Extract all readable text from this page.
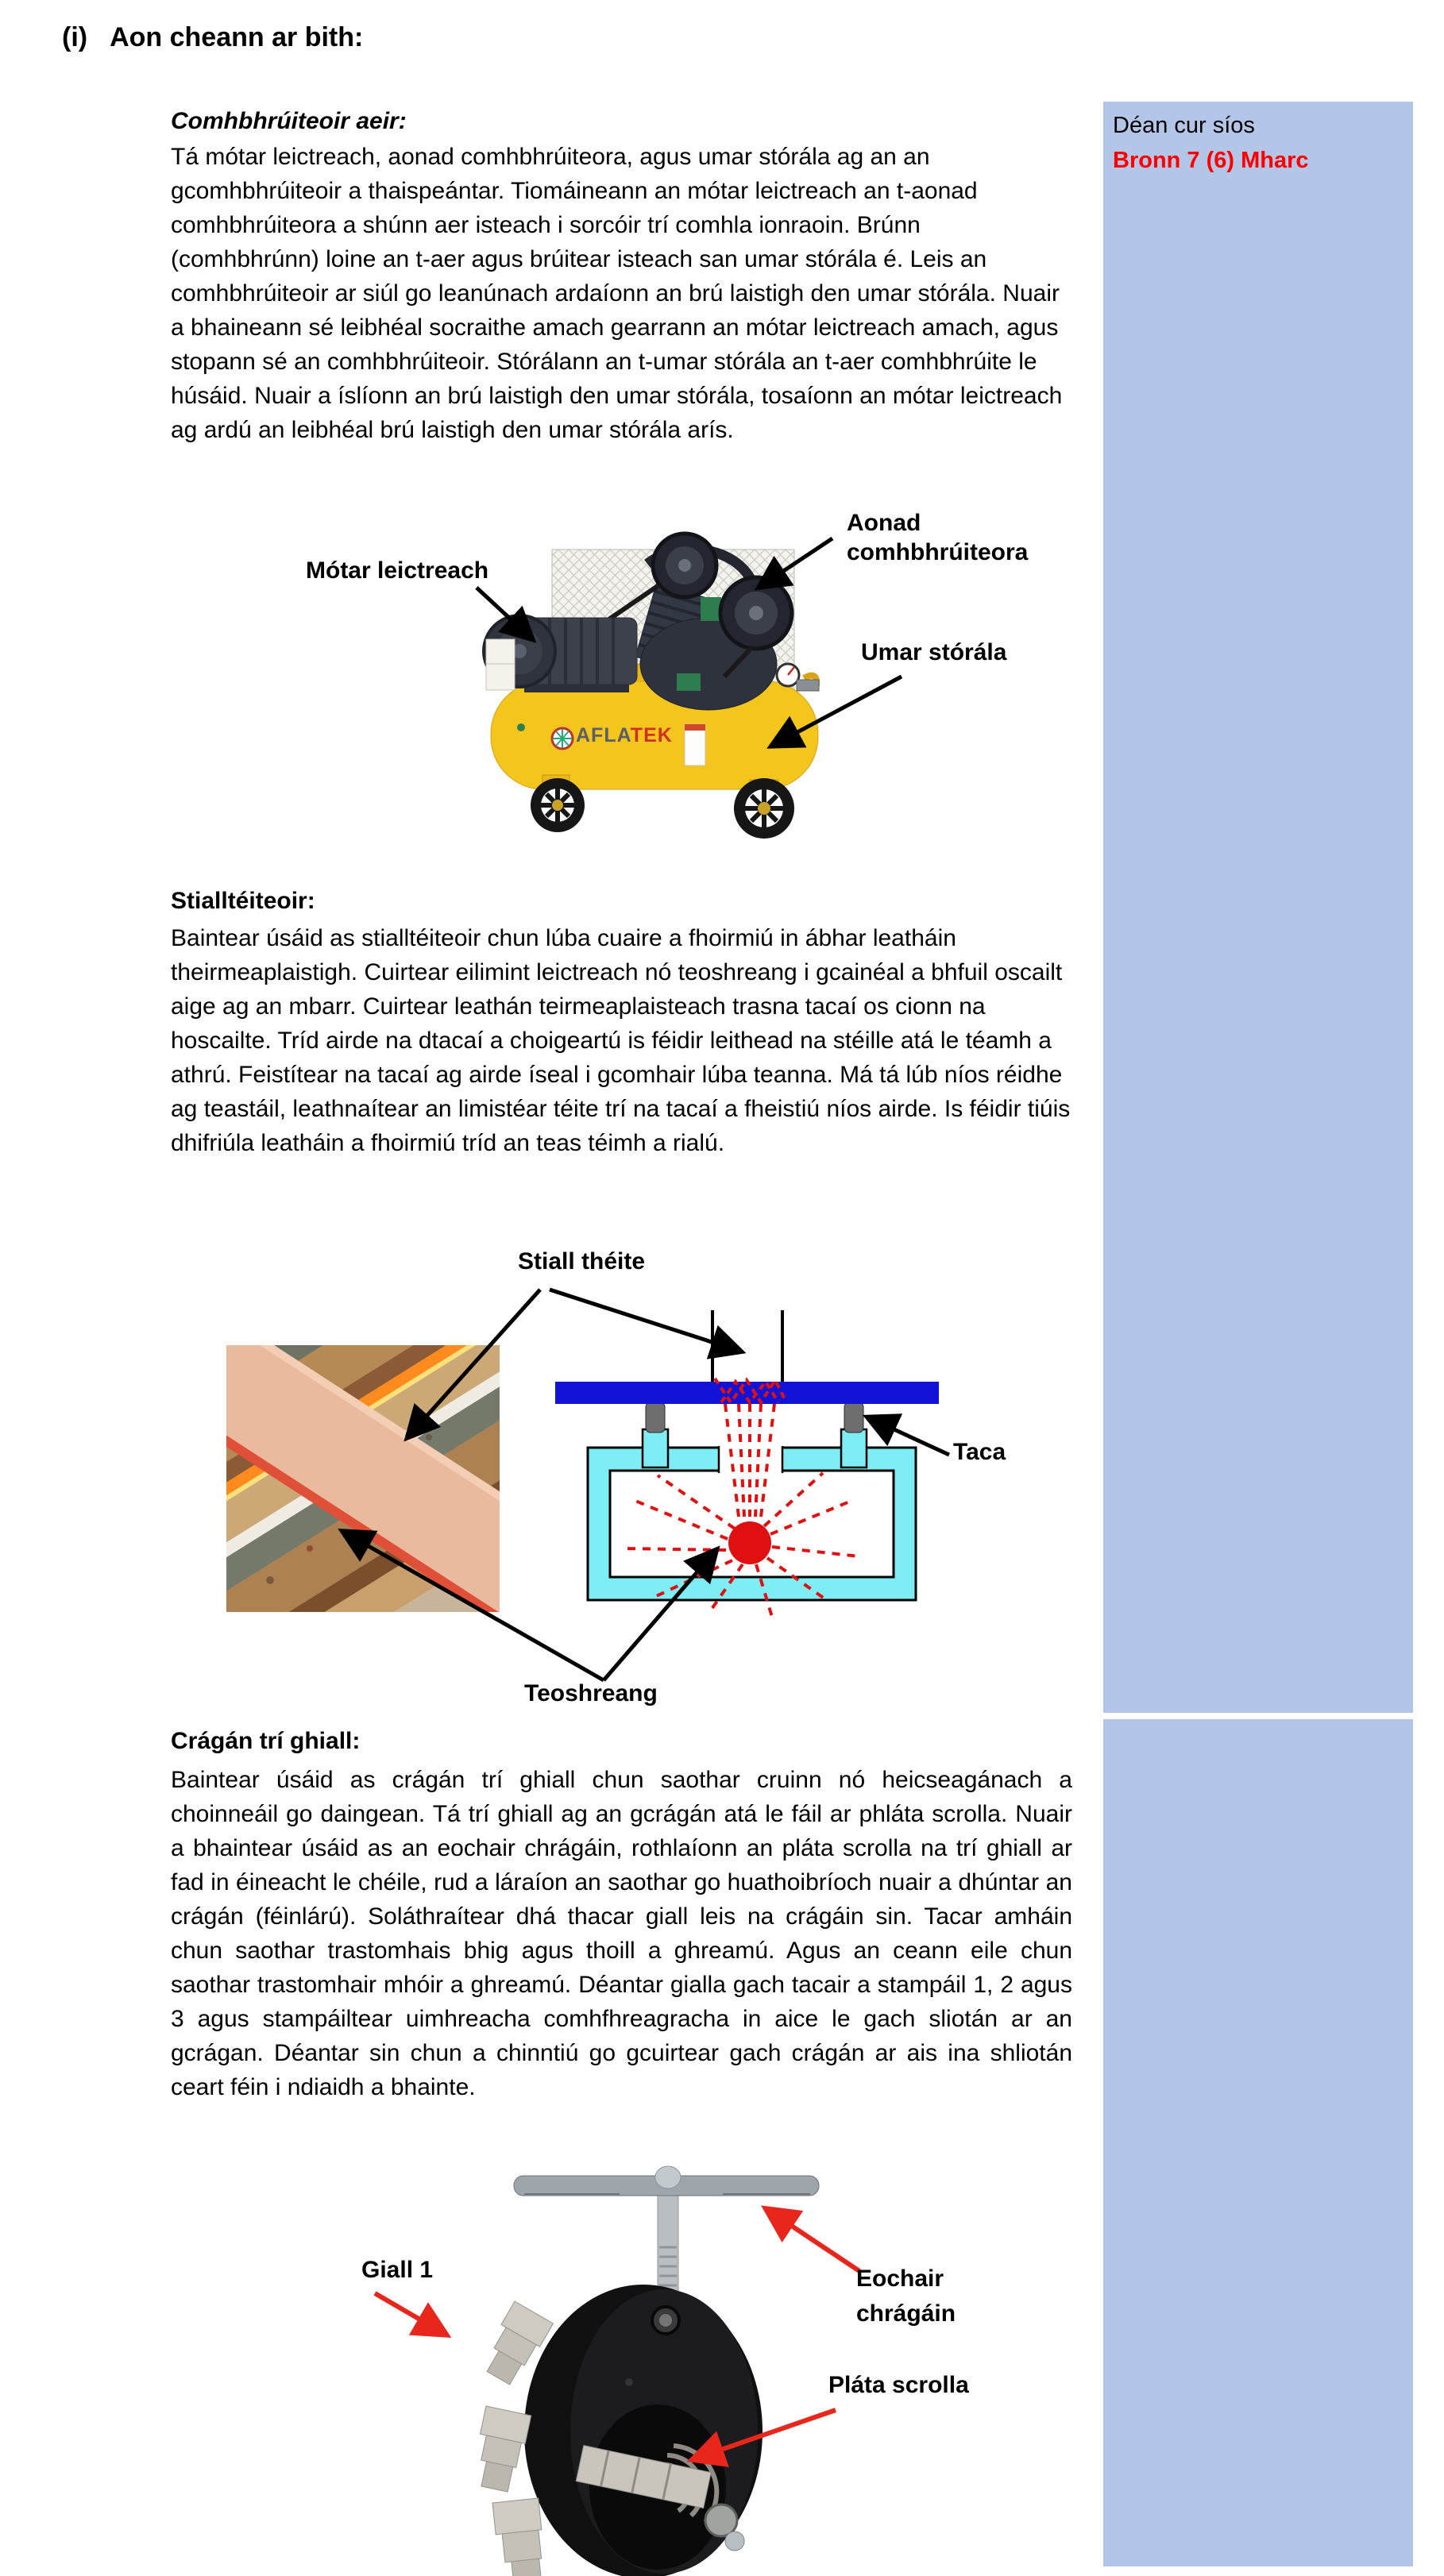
(i) Aon cheann ar bith:
Déan cur síos
Bronn 7 (6) Mharc
Comhbhrúiteoir aeir:
Tá mótar leictreach, aonad comhbhrúiteora, agus umar stórála ag an an gcomhbhrúiteoir a thaispeántar. Tiomáineann an mótar leictreach an t-aonad comhbhrúiteora a shúnn aer isteach i sorcóir trí comhla ionraoin. Brúnn (comhbhrúnn) loine an t-aer agus brúitear isteach san umar stórála é. Leis an comhbhrúiteoir ar siúl go leanúnach ardaíonn an brú laistigh den umar stórála. Nuair a bhaineann sé leibhéal socraithe amach gearrann an mótar leictreach amach, agus stopann sé an comhbhrúiteoir. Stórálann an t-umar stórála an t-aer comhbhrúite le húsáid. Nuair a íslíonn an brú laistigh den umar stórála, tosaíonn an mótar leictreach ag ardú an leibhéal brú laistigh den umar stórála arís.
AFLATEK
Mótar leictreach
Aonad comhbhrúiteora
Umar stórála
Stialltéiteoir:
Baintear úsáid as stialltéiteoir chun lúba cuaire a fhoirmiú in ábhar leatháin theirmeaplaistigh. Cuirtear eilimint leictreach nó teoshreang i gcainéal a bhfuil oscailt aige ag an mbarr. Cuirtear leathán teirmeaplaisteach trasna tacaí os cionn na hoscailte. Tríd airde na dtacaí a choigeartú is féidir leithead na stéille atá le téamh a athrú. Feistítear na tacaí ag airde íseal i gcomhair lúba teanna. Má tá lúb níos réidhe ag teastáil, leathnaítear an limistéar téite trí na tacaí a fheistiú níos airde. Is féidir tiúis dhifriúla leatháin a fhoirmiú tríd an teas téimh a rialú.
Stiall théite
Taca
Teoshreang
Crágán trí ghiall:
Baintear úsáid as crágán trí ghiall chun saothar cruinn nó heicseagánach a choinneáil go daingean. Tá trí ghiall ag an gcrágán atá le fáil ar phláta scrolla. Nuair a bhaintear úsáid as an eochair chrágáin, rothlaíonn an pláta scrolla na trí ghiall ar fad in éineacht le chéile, rud a láraíon an saothar go huathoibríoch nuair a dhúntar an crágán (féinlárú). Soláthraítear dhá thacar giall leis na crágáin sin. Tacar amháin chun saothar trastomhais bhig agus thoill a ghreamú. Agus an ceann eile chun saothar trastomhair mhóir a ghreamú. Déantar gialla gach tacair a stampáil 1, 2 agus 3 agus stampáiltear uimhreacha comhfhreagracha in aice le gach sliotán ar an gcrágan. Déantar sin chun a chinntiú go gcuirtear gach crágán ar ais ina shliotán ceart féin i ndiaidh a bhainte.
Giall 1	Eochair chrágáin
Pláta scrolla
